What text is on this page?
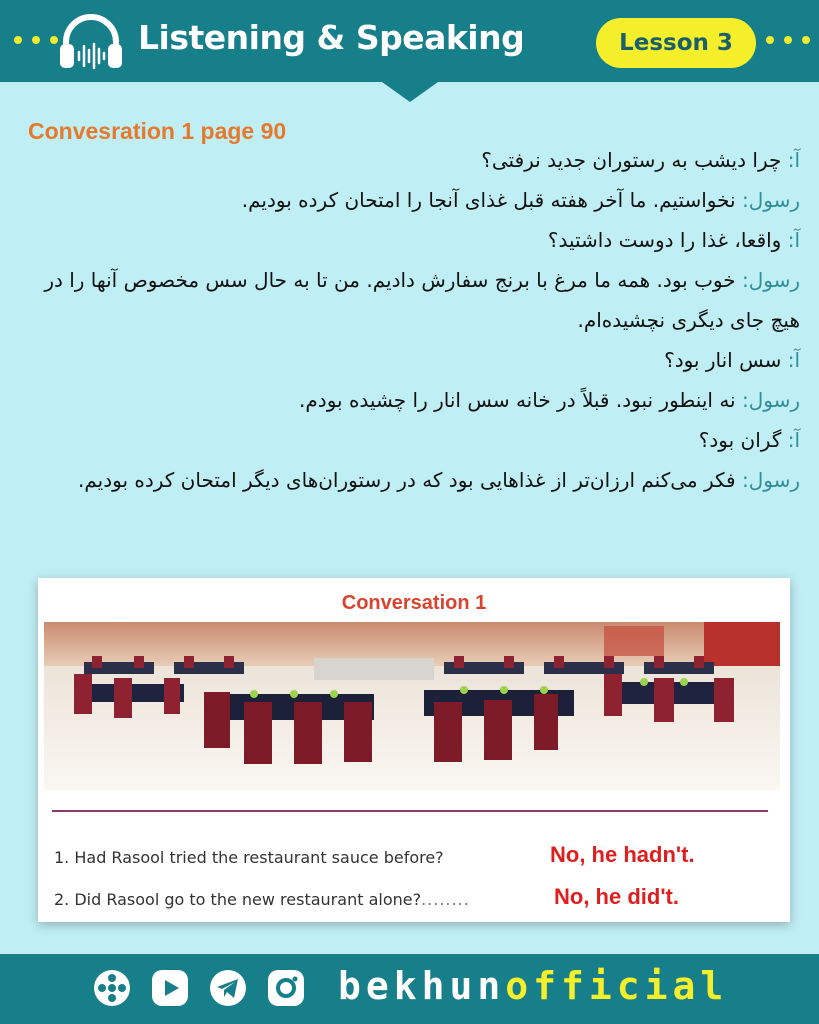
Listening & Speaking	Lesson 3
Convesration 1 page 90
آ: چرا دیشب به رستوران جدید نرفتی؟
رسول: نخواستیم. ما آخر هفته قبل غذای آنجا را امتحان کرده بودیم.
آ: واقعا، غذا را دوست داشتید؟
رسول: خوب بود. همه ما مرغ با برنج سفارش دادیم. من تا به حال سس مخصوص آنها را در هیچ جای دیگری نچشیده‌ام.
آ: سس انار بود؟
رسول: نه اینطور نبود. قبلاً در خانه سس انار را چشیده بودم.
آ: گران بود؟
رسول: فکر می‌کنم ارزان‌تر از غذاهایی بود که در رستوران‌های دیگر امتحان کرده بودیم.
Conversation 1
1. Had Rasool tried the restaurant sauce before?	No, he hadn't.
2. Did Rasool go to the new restaurant alone?........	No, he did't.
bekhunofficial
